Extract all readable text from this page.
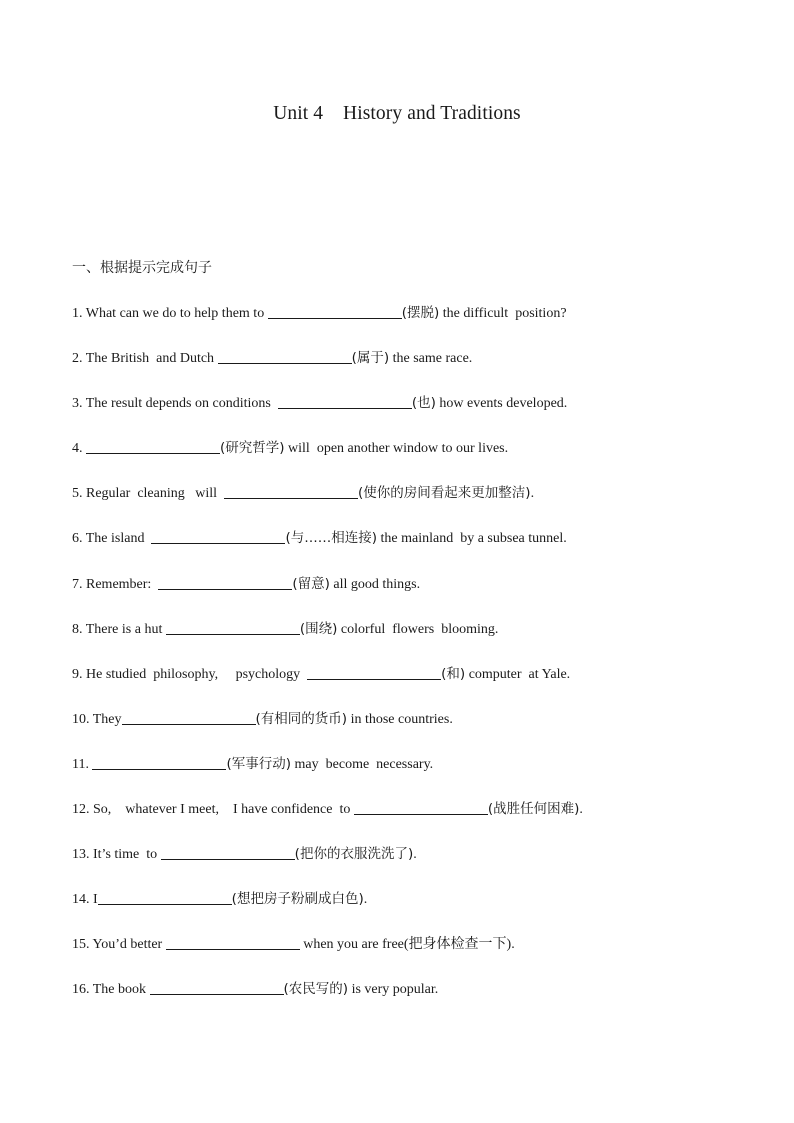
Unit 4    History and Traditions
一、根据提示完成句子
1. What can we do to help them to	(摆脱) the difficult  position?
2. The British  and Dutch	(属于) the same race.
3. The result depends on conditions	(也) how events developed.
4.	(研究哲学) will  open another window to our lives.
5. Regular  cleaning   will	(使你的房间看起来更加整洁).
6. The island	(与……相连接) the mainland  by a subsea tunnel.
7. Remember:	(留意) all good things.
8. There is a hut	(围绕) colorful  flowers  blooming.
9. He studied  philosophy,     psychology	(和) computer  at Yale.
10. They	(有相同的货币) in those countries.
11.	(军事行动) may  become  necessary.
12. So,    whatever I meet,    I have confidence  to	(战胜任何困难).
13. It’s time  to	(把你的衣服洗洗了).
14. I	(想把房子粉刷成白色).
15. You’d better	when you are free(把身体检查一下).
16. The book	(农民写的) is very popular.
